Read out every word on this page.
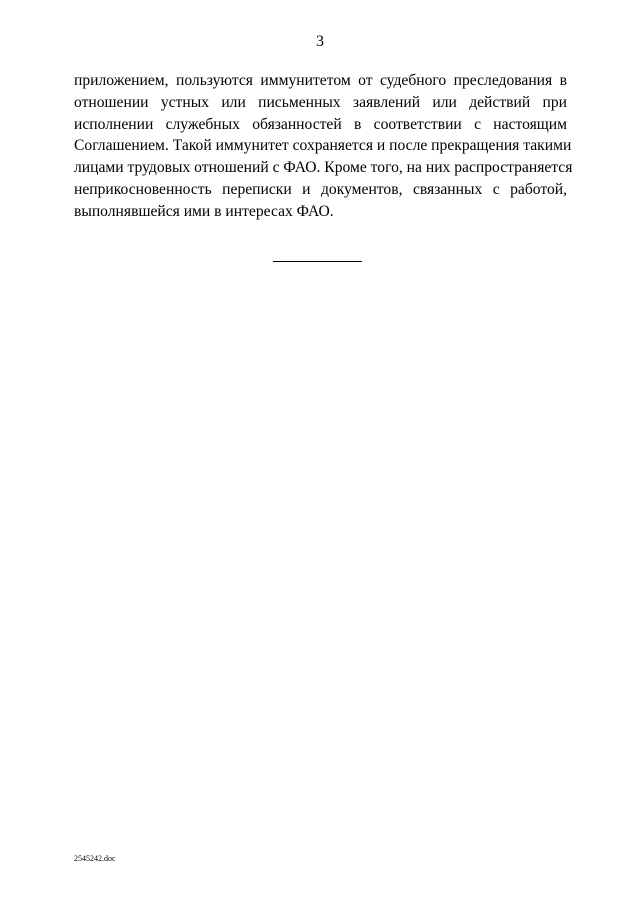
3
приложением, пользуются иммунитетом от судебного преследования в
отношении устных или письменных заявлений или действий при
исполнении служебных обязанностей в соответствии с настоящим
Соглашением. Такой иммунитет сохраняется и после прекращения такими
лицами трудовых отношений с ФАО. Кроме того, на них распространяется
неприкосновенность переписки и документов, связанных с работой,
выполнявшейся ими в интересах ФАО.
2545242.doc
